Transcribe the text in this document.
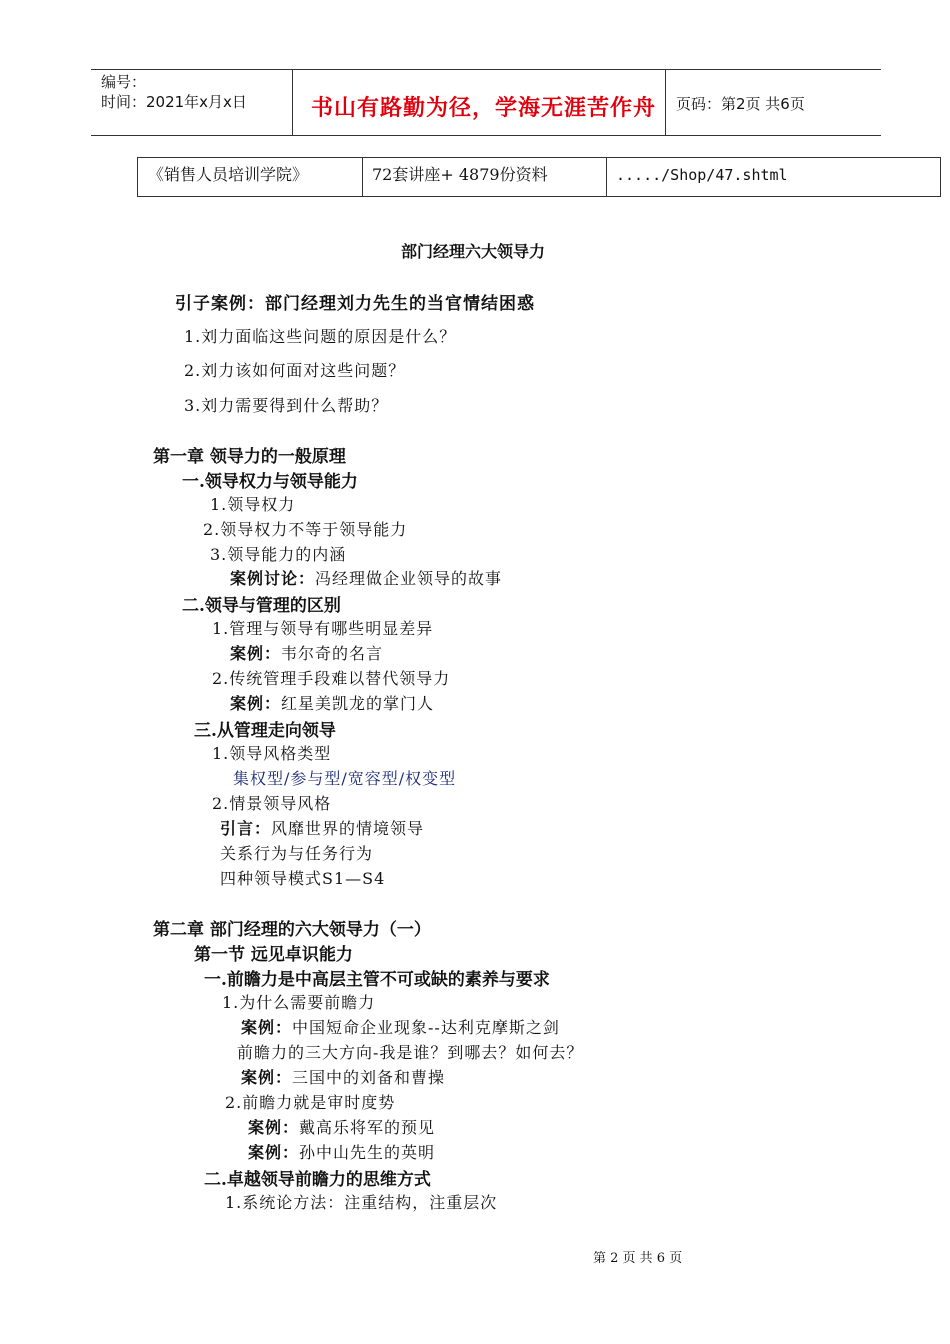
编号：
时间：2021年x月x日	书山有路勤为径，学海无涯苦作舟 页码：第2页 共6页
《销售人员培训学院》	72套讲座+ 4879份资料	...../Shop/47.shtml
部门经理六大领导力
引子案例：部门经理刘力先生的当官情结困惑
1.刘力面临这些问题的原因是什么？
2.刘力该如何面对这些问题？
3.刘力需要得到什么帮助？
第一章 领导力的一般原理
一.领导权力与领导能力
1.领导权力
2.领导权力不等于领导能力
3.领导能力的内涵
案例讨论：冯经理做企业领导的故事
二.领导与管理的区别
1.管理与领导有哪些明显差异
案例：韦尔奇的名言
2.传统管理手段难以替代领导力
案例：红星美凯龙的掌门人
三.从管理走向领导
1.领导风格类型
集权型/参与型/宽容型/权变型
2.情景领导风格
引言：风靡世界的情境领导
关系行为与任务行为
四种领导模式S1—S4
第二章 部门经理的六大领导力（一）
第一节 远见卓识能力
一.前瞻力是中高层主管不可或缺的素养与要求
1.为什么需要前瞻力
案例：中国短命企业现象--达利克摩斯之剑
前瞻力的三大方向-我是谁？到哪去？如何去？
案例：三国中的刘备和曹操
2.前瞻力就是审时度势
案例：戴高乐将军的预见
案例：孙中山先生的英明
二.卓越领导前瞻力的思维方式
1.系统论方法：注重结构，注重层次
第 2 页 共 6 页
